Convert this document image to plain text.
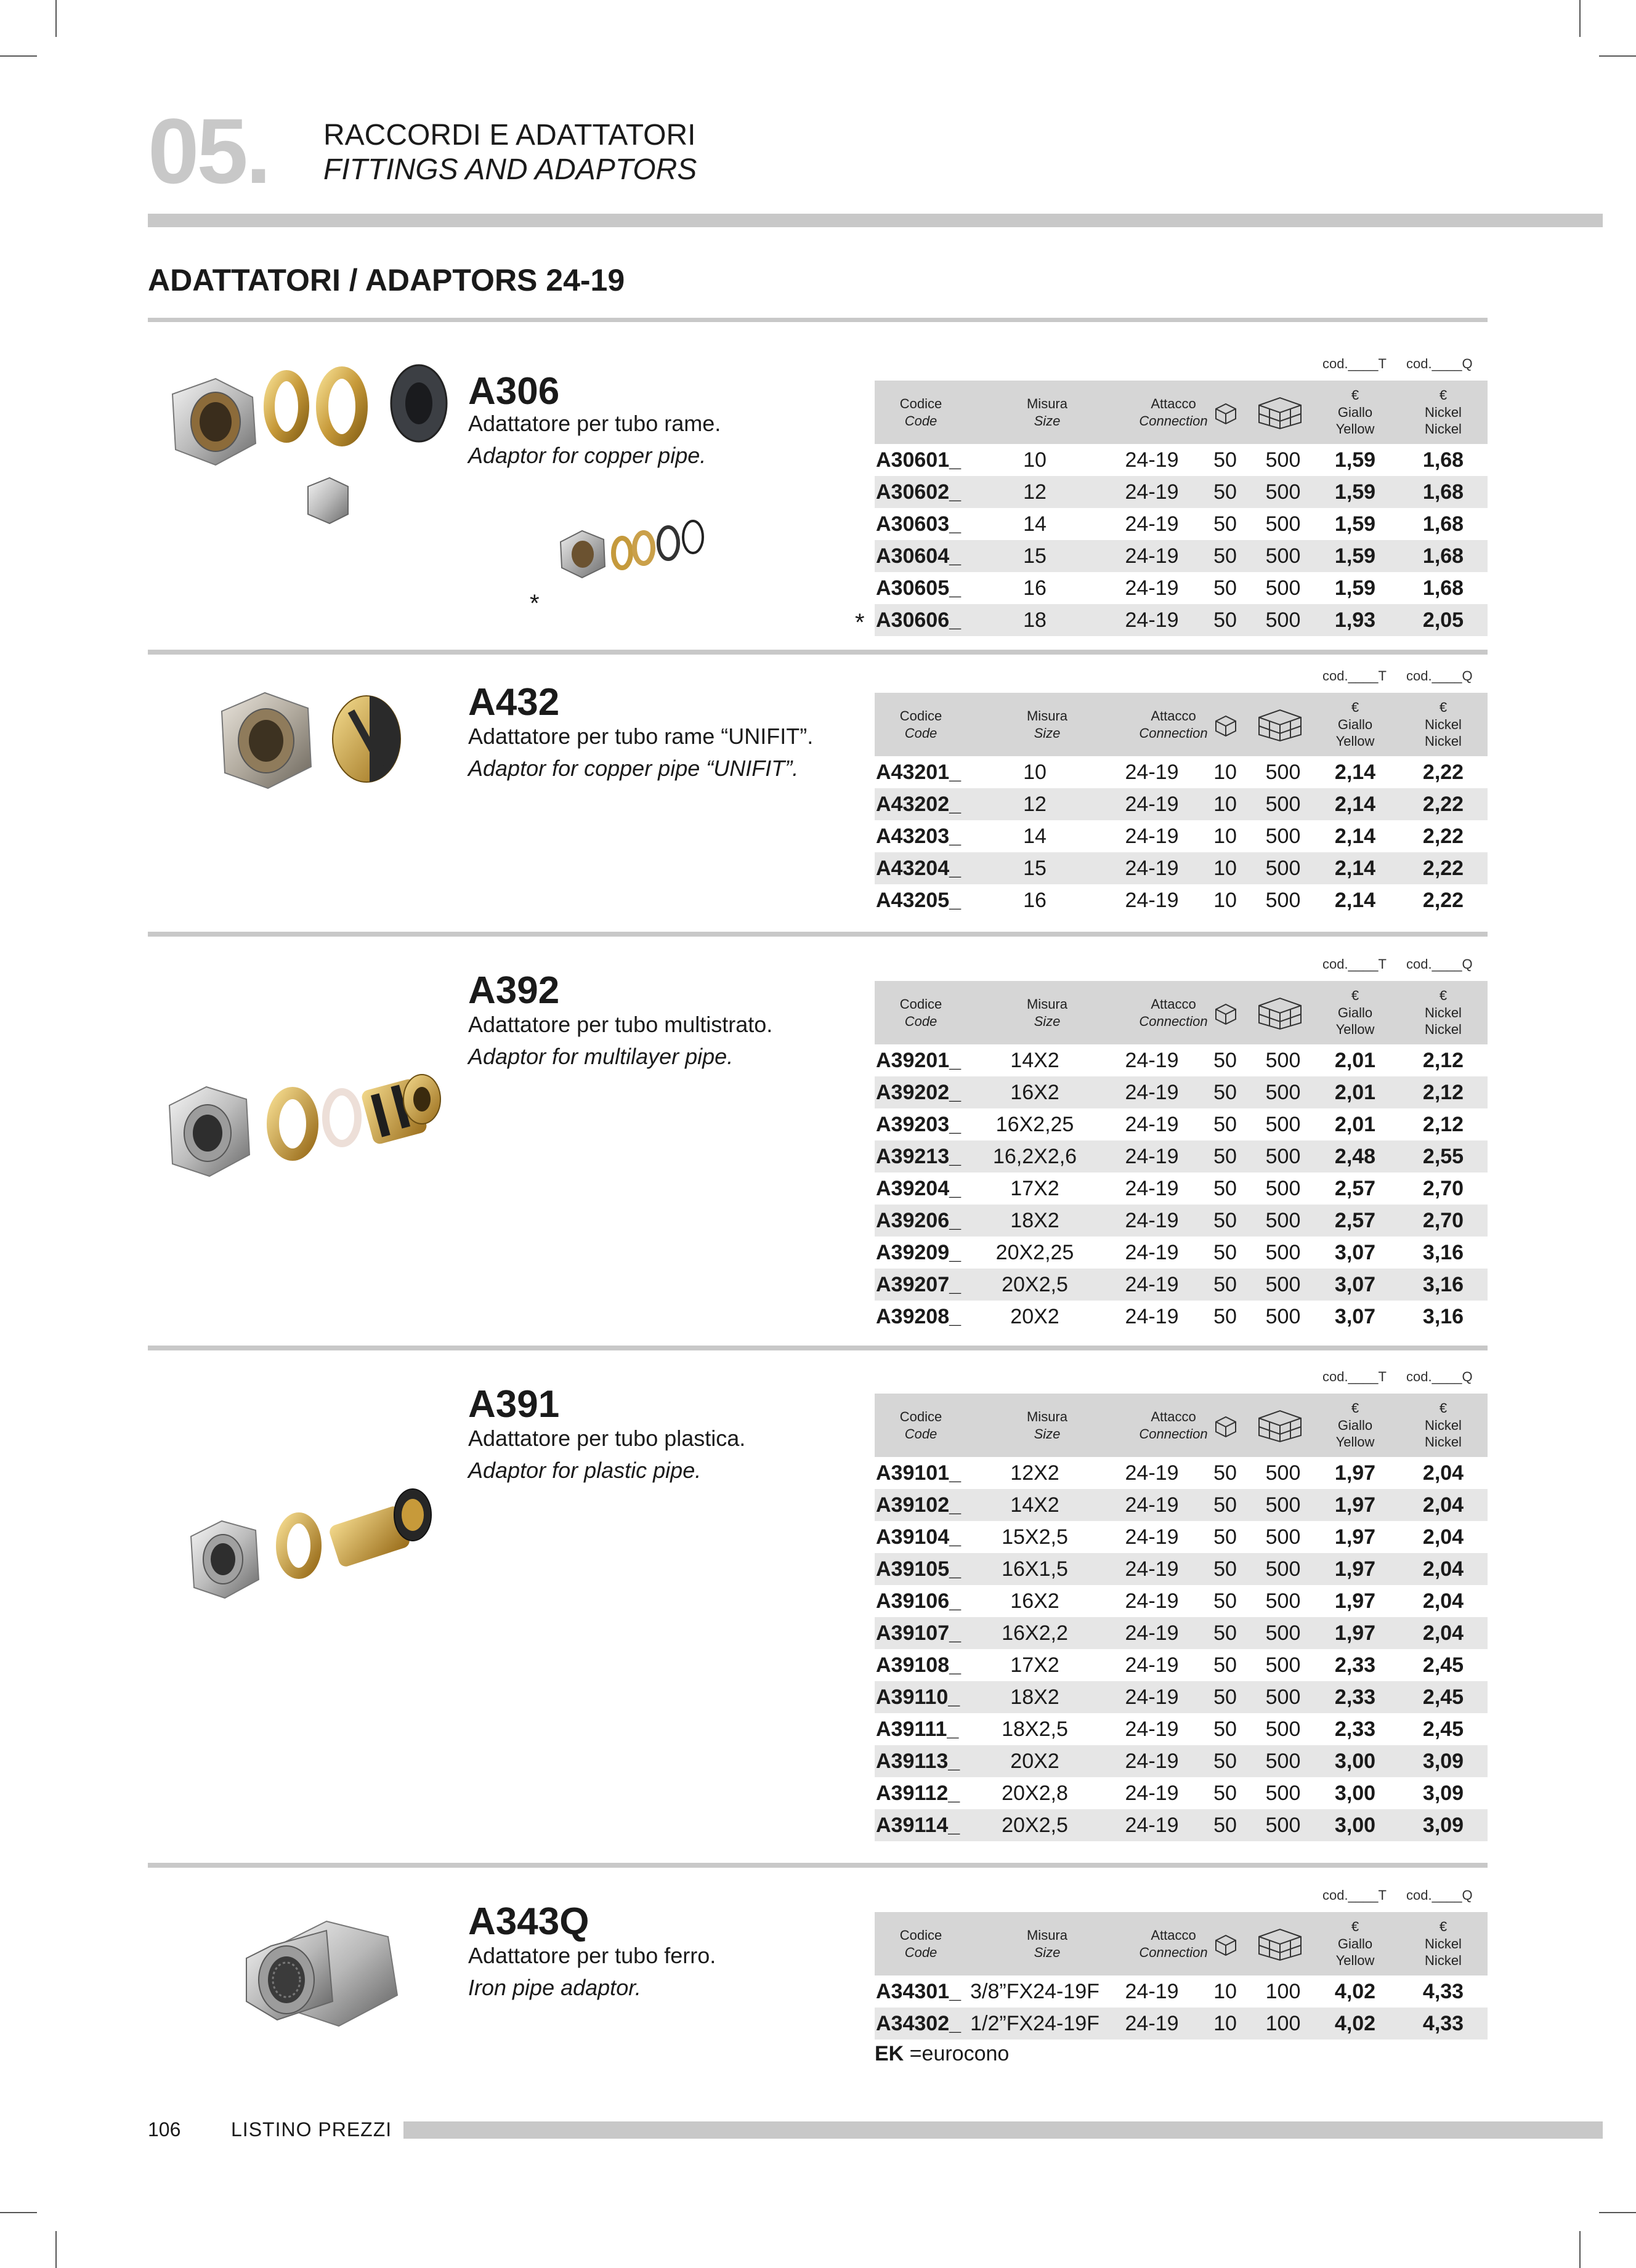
05. RACCORDI E ADATTATORI
FITTINGS AND ADAPTORS
ADATTATORI / ADAPTORS 24-19
*
A306
Adattatore per tubo rame.
Adaptor for copper pipe.
cod.____T cod.____Q
Codice
Code
Misura
Size
Attacco
Connection
€
Giallo
Yellow
€
Nickel
Nickel
A30601_	10	24-19 50 500 1,59 1,68
A30602_	12	24-19 50 500 1,59 1,68
A30603_	14	24-19 50 500 1,59 1,68
A30604_	15	24-19 50 500 1,59 1,68
A30605_	16	24-19 50 500 1,59 1,68
A30606_	18	24-19 50 500 1,93 2,05
*
A432
Adattatore per tubo rame “UNIFIT”.
Adaptor for copper pipe “UNIFIT”.
cod.____T cod.____Q
Codice
Code
Misura
Size
Attacco
Connection
€
Giallo
Yellow
€
Nickel
Nickel
A43201_	10	24-19 10 500 2,14 2,22
A43202_	12	24-19 10 500 2,14 2,22
A43203_	14	24-19 10 500 2,14 2,22
A43204_	15	24-19 10 500 2,14 2,22
A43205_	16	24-19 10 500 2,14 2,22
A392
Adattatore per tubo multistrato.
Adaptor for multilayer pipe.
cod.____T cod.____Q
Codice
Code
Misura
Size
Attacco
Connection
€
Giallo
Yellow
€
Nickel
Nickel
A39201_ 14X2	24-19 50 500 2,01 2,12
A39202_ 16X2	24-19 50 500 2,01 2,12
A39203_ 16X2,25 24-19 50 500 2,01 2,12
A39213_ 16,2X2,6 24-19 50 500 2,48 2,55
A39204_ 17X2	24-19 50 500 2,57 2,70
A39206_ 18X2	24-19 50 500 2,57 2,70
A39209_ 20X2,25 24-19 50 500 3,07 3,16
A39207_ 20X2,5	24-19 50 500 3,07 3,16
A39208_ 20X2	24-19 50 500 3,07 3,16
A391
Adattatore per tubo plastica.
Adaptor for plastic pipe.
cod.____T cod.____Q
Codice
Code
Misura
Size
Attacco
Connection
€
Giallo
Yellow
€
Nickel
Nickel
A39101_ 12X2	24-19 50 500 1,97 2,04
A39102_ 14X2	24-19 50 500 1,97 2,04
A39104_ 15X2,5	24-19 50 500 1,97 2,04
A39105_ 16X1,5	24-19 50 500 1,97 2,04
A39106_ 16X2	24-19 50 500 1,97 2,04
A39107_ 16X2,2	24-19 50 500 1,97 2,04
A39108_ 17X2	24-19 50 500 2,33 2,45
A39110_ 18X2	24-19 50 500 2,33 2,45
A39111_ 18X2,5	24-19 50 500 2,33 2,45
A39113_ 20X2	24-19 50 500 3,00 3,09
A39112_ 20X2,8	24-19 50 500 3,00 3,09
A39114_ 20X2,5	24-19 50 500 3,00 3,09
A343Q
Adattatore per tubo ferro.
Iron pipe adaptor.
cod.____T cod.____Q
Codice
Code
Misura
Size
Attacco
Connection
€
Giallo
Yellow
€
Nickel
Nickel
A34301_ 3/8”FX24-19F 24-19 10 100 4,02 4,33
A34302_ 1/2”FX24-19F 24-19 10 100 4,02 4,33
EK =eurocono
106	LISTINO PREZZI
